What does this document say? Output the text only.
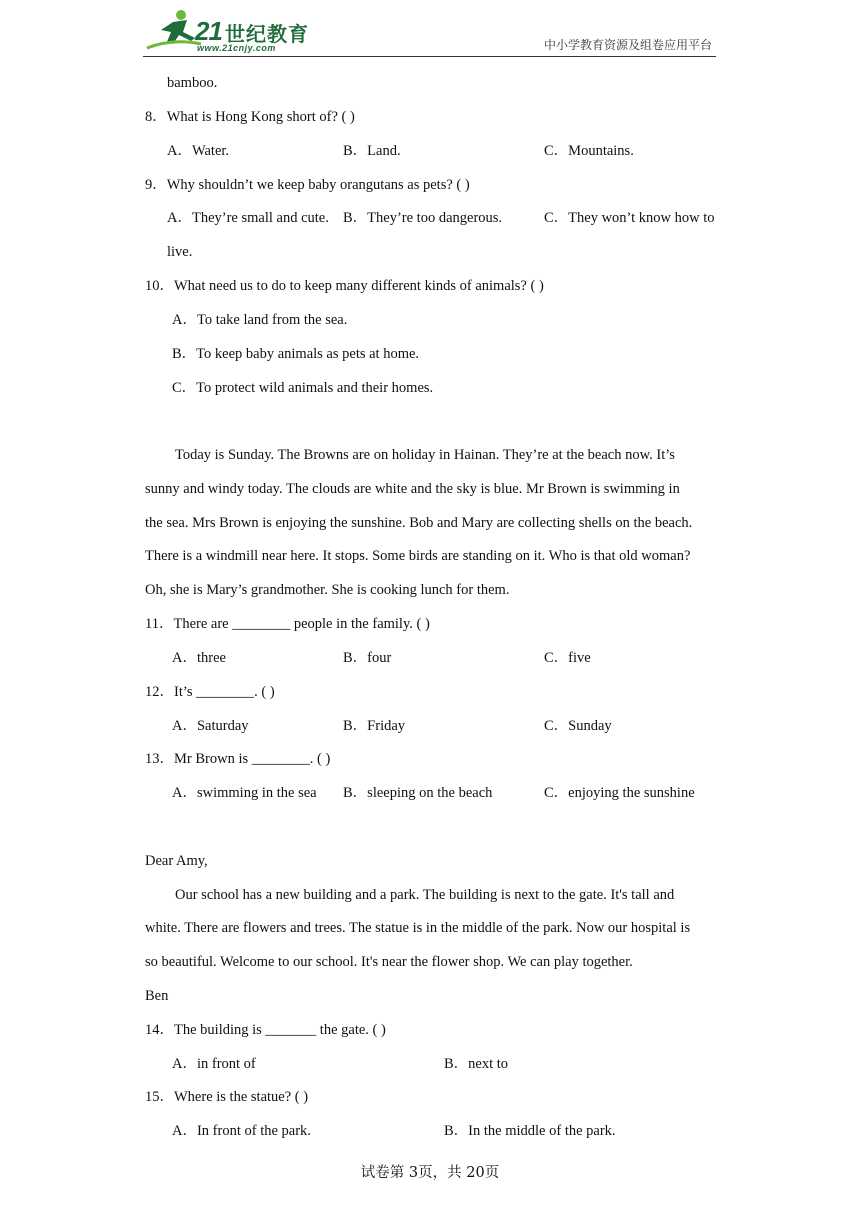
21 世纪教育
www.21cnjy.com	中小学教育资源及组卷应用平台
bamboo.
8．What is Hong Kong short of? ( )
A．Water.	B．Land.	C．Mountains.
9．Why shouldn’t we keep baby orangutans as pets? ( )
A．They’re small and cute. B．They’re too dangerous.	C．They won’t know how to
live.
10．What need us to do to keep many different kinds of animals? ( )
A．To take land from the sea.
B．To keep baby animals as pets at home.
C．To protect wild animals and their homes.
Today is Sunday. The Browns are on holiday in Hainan. They’re at the beach now. It’s
sunny and windy today. The clouds are white and the sky is blue. Mr Brown is swimming in
the sea. Mrs Brown is enjoying the sunshine. Bob and Mary are collecting shells on the beach.
There is a windmill near here. It stops. Some birds are standing on it. Who is that old woman?
Oh, she is Mary’s grandmother. She is cooking lunch for them.
11．There are ________ people in the family. ( )
A．three	B．four	C．five
12．It’s ________. ( )
A．Saturday	B．Friday	C．Sunday
13．Mr Brown is ________. ( )
A．swimming in the sea B．sleeping on the beach	C．enjoying the sunshine
Dear Amy,
Our school has a new building and a park. The building is next to the gate. It's tall and
white. There are flowers and trees. The statue is in the middle of the park. Now our hospital is
so beautiful. Welcome to our school. It's near the flower shop. We can play together.
Ben
14．The building is _______ the gate. ( )
A．in front of	B．next to
15．Where is the statue? ( )
A．In front of the park.	B．In the middle of the park.
试卷第 3页，共 20页
